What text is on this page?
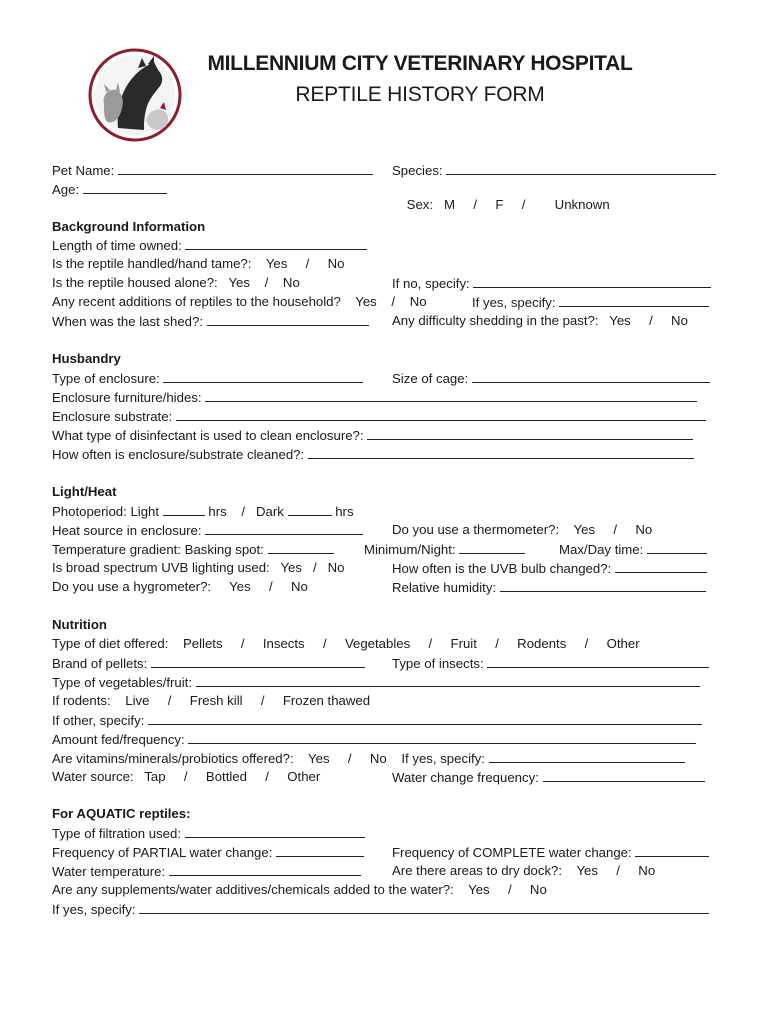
MILLENNIUM CITY VETERINARY HOSPITAL
REPTILE HISTORY FORM
Pet Name:	Species:
Age:

Sex: M     /     F     /        Unknown

Background Information
Length of time owned:
Is the reptile handled/hand tame?:    Yes     /     No
Is the reptile housed alone?:   Yes    /    No	If no, specify:
Any recent additions of reptiles to the household?    Yes    /    No	If yes, specify:
When was the last shed?:	Any difficulty shedding in the past?:   Yes     /     No
Husbandry
Type of enclosure:	Size of cage:
Enclosure furniture/hides:
Enclosure substrate:
What type of disinfectant is used to clean enclosure?:
How often is enclosure/substrate cleaned?:
Light/Heat
Photoperiod: Light	hrs    /   Dark	hrs
Heat source in enclosure:	Do you use a thermometer?:    Yes     /     No
Temperature gradient: Basking spot:	Minimum/Night:	Max/Day time:
Is broad spectrum UVB lighting used:   Yes   /   No	How often is the UVB bulb changed?:
Do you use a hygrometer?:     Yes     /     No	Relative humidity:
Nutrition
Type of diet offered:    Pellets     /     Insects     /     Vegetables     /     Fruit     /     Rodents     /     Other
Brand of pellets:	Type of insects:
Type of vegetables/fruit:
If rodents:    Live     /     Fresh kill     /     Frozen thawed
If other, specify:
Amount fed/frequency:
Are vitamins/minerals/probiotics offered?:    Yes     /     No    If yes, specify:
Water source:   Tap     /     Bottled     /     Other	Water change frequency:
For AQUATIC reptiles:
Type of filtration used:
Frequency of PARTIAL water change:	Frequency of COMPLETE water change:
Water temperature:	Are there areas to dry dock?:    Yes     /     No
Are any supplements/water additives/chemicals added to the water?:    Yes     /     No
If yes, specify:
